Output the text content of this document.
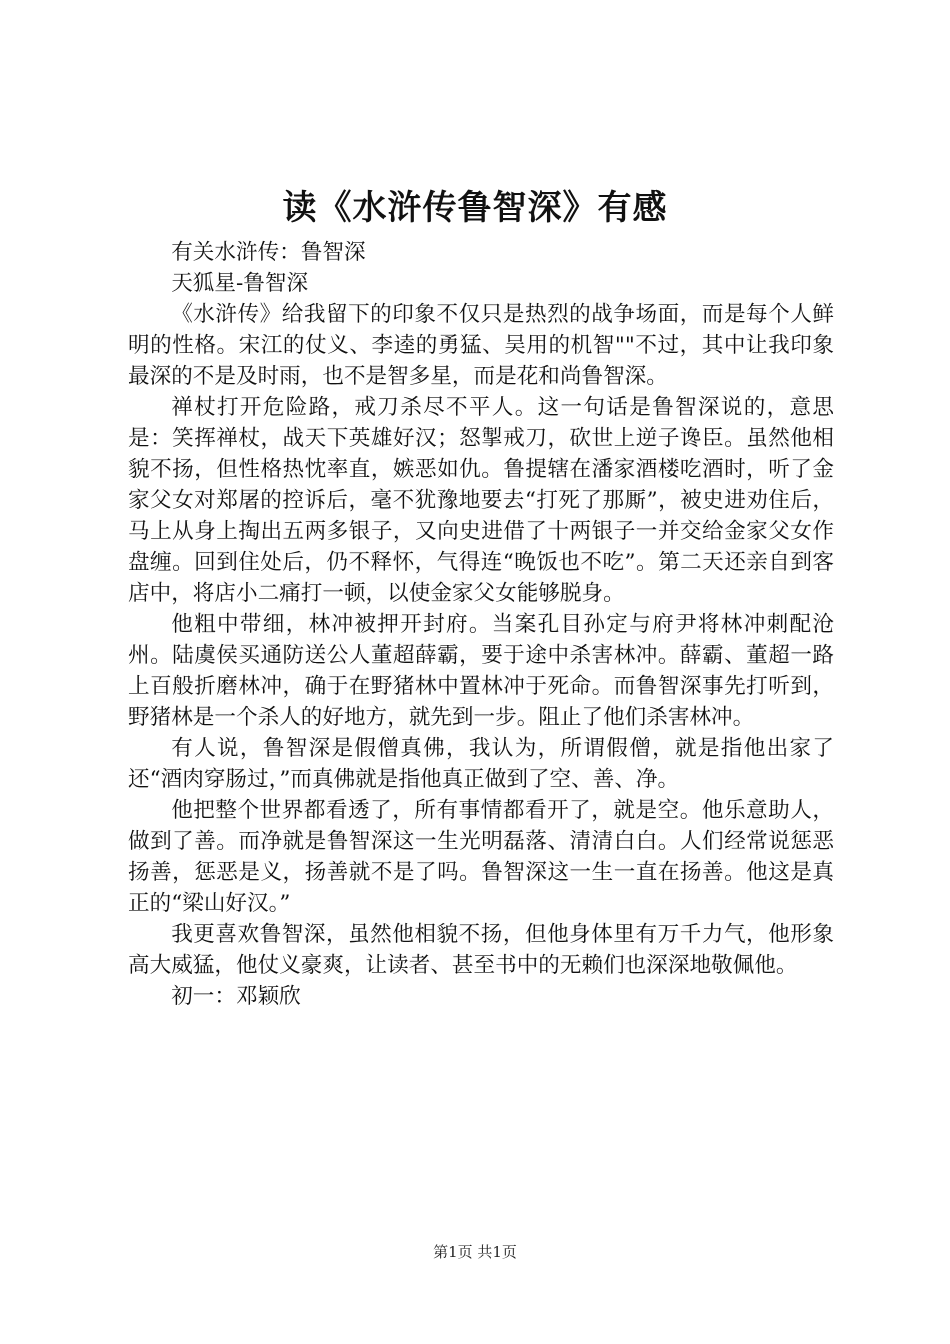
读《水浒传鲁智深》有感

有关水浒传：鲁智深

天狐星-鲁智深

《水浒传》给我留下的印象不仅只是热烈的战争场面，而是每个人鲜明的性格。宋江的仗义、李逵的勇猛、吴用的机智""不过，其中让我印象最深的不是及时雨，也不是智多星，而是花和尚鲁智深。

禅杖打开危险路，戒刀杀尽不平人。这一句话是鲁智深说的，意思是：笑挥禅杖，战天下英雄好汉；怒掣戒刀，砍世上逆子谗臣。虽然他相貌不扬，但性格热忱率直，嫉恶如仇。鲁提辖在潘家酒楼吃酒时，听了金家父女对郑屠的控诉后，毫不犹豫地要去“打死了那厮”，被史进劝住后，马上从身上掏出五两多银子，又向史进借了十两银子一并交给金家父女作盘缠。回到住处后，仍不释怀，气得连“晚饭也不吃”。第二天还亲自到客店中，将店小二痛打一顿，以使金家父女能够脱身。

他粗中带细，林冲被押开封府。当案孔目孙定与府尹将林冲刺配沧州。陆虞侯买通防送公人董超薛霸，要于途中杀害林冲。薛霸、董超一路上百般折磨林冲，确于在野猪林中置林冲于死命。而鲁智深事先打听到，野猪林是一个杀人的好地方，就先到一步。阻止了他们杀害林冲。

有人说，鲁智深是假僧真佛，我认为，所谓假僧，就是指他出家了还“酒肉穿肠过，”而真佛就是指他真正做到了空、善、净。

他把整个世界都看透了，所有事情都看开了，就是空。他乐意助人，做到了善。而净就是鲁智深这一生光明磊落、清清白白。人们经常说惩恶扬善，惩恶是义，扬善就不是了吗。鲁智深这一生一直在扬善。他这是真正的“梁山好汉。”

我更喜欢鲁智深，虽然他相貌不扬，但他身体里有万千力气，他形象高大威猛，他仗义豪爽，让读者、甚至书中的无赖们也深深地敬佩他。

初一：邓颖欣

第1页 共1页
